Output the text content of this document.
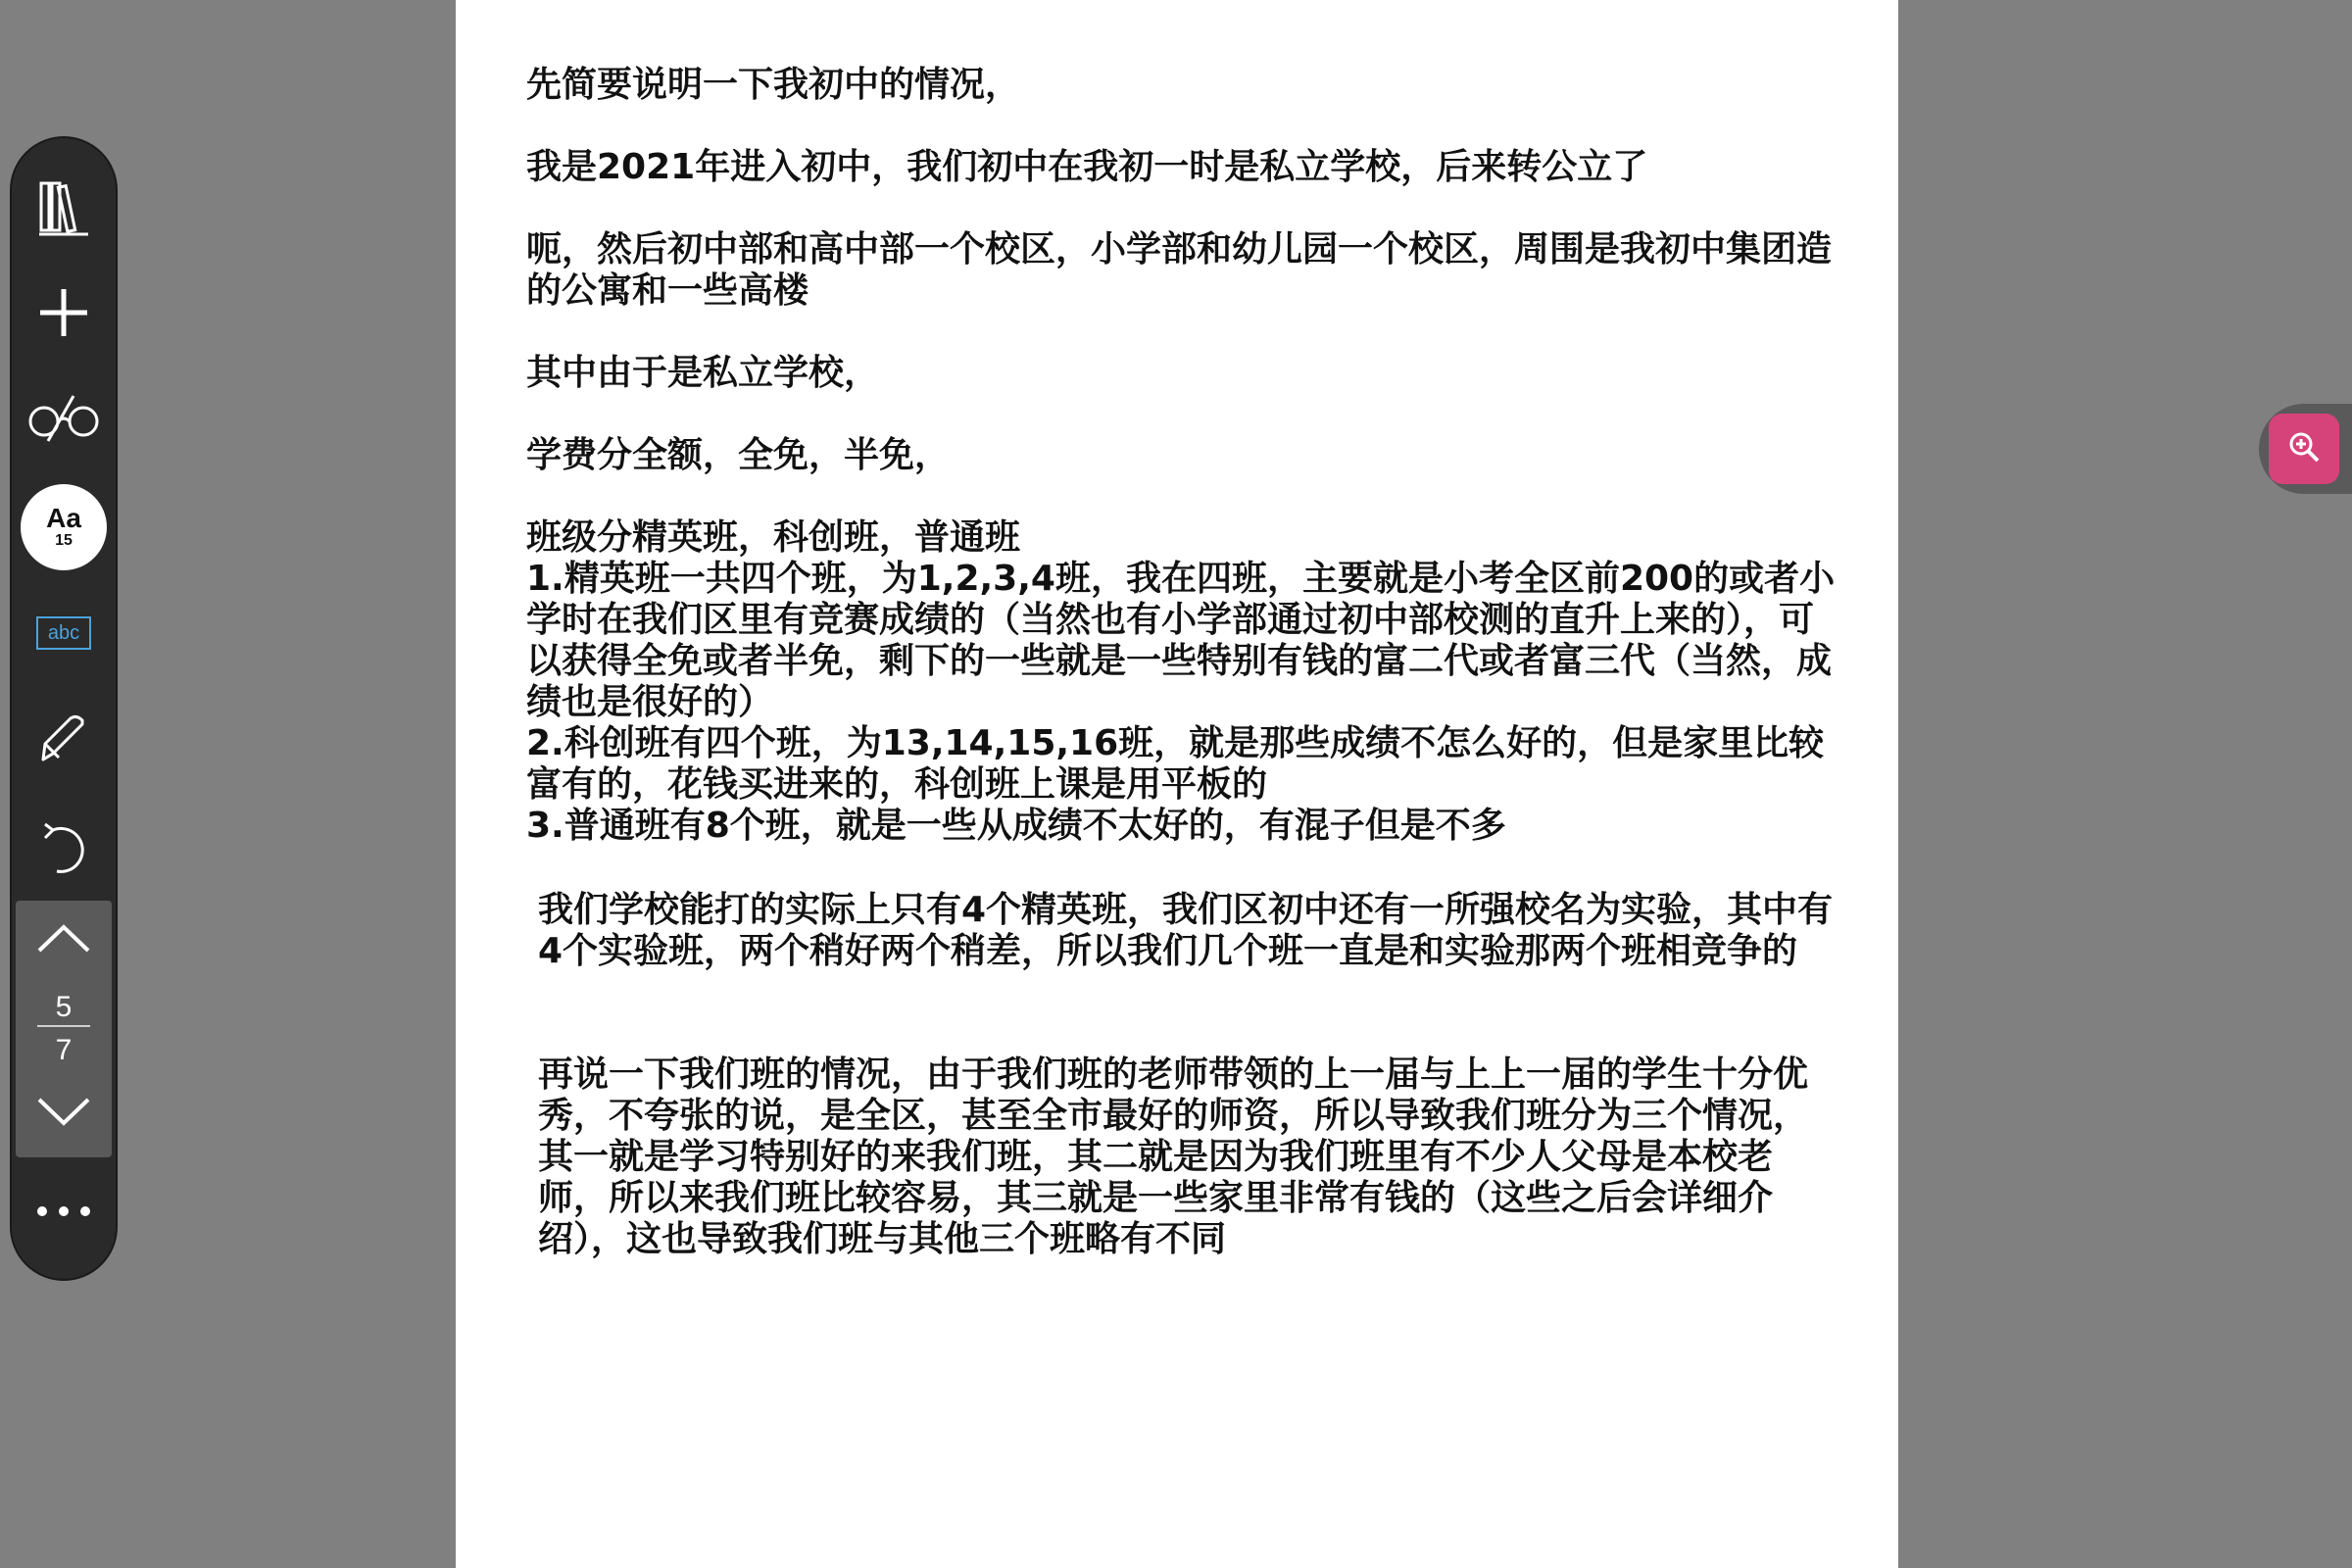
先简要说明一下我初中的情况，

我是2021年进入初中，我们初中在我初一时是私立学校，后来转公立了

呃，然后初中部和高中部一个校区，小学部和幼儿园一个校区，周围是我初中集团造的公寓和一些高楼

其中由于是私立学校，

学费分全额，全免，半免，

班级分精英班，科创班，普通班

1.精英班一共四个班，为1,2,3,4班，我在四班，主要就是小考全区前200的或者小学时在我们区里有竞赛成绩的（当然也有小学部通过初中部校测的直升上来的），可以获得全免或者半免，剩下的一些就是一些特别有钱的富二代或者富三代（当然，成绩也是很好的）

2.科创班有四个班，为13,14,15,16班，就是那些成绩不怎么好的，但是家里比较富有的，花钱买进来的，科创班上课是用平板的

3.普通班有8个班，就是一些从成绩不太好的，有混子但是不多

我们学校能打的实际上只有4个精英班，我们区初中还有一所强校名为实验，其中有4个实验班，两个稍好两个稍差，所以我们几个班一直是和实验那两个班相竞争的

再说一下我们班的情况，由于我们班的老师带领的上一届与上上一届的学生十分优秀，不夸张的说，是全区，甚至全市最好的师资，所以导致我们班分为三个情况，其一就是学习特别好的来我们班，其二就是因为我们班里有不少人父母是本校老师，所以来我们班比较容易，其三就是一些家里非常有钱的（这些之后会详细介绍），这也导致我们班与其他三个班略有不同

Aa
15
abc
5
7
